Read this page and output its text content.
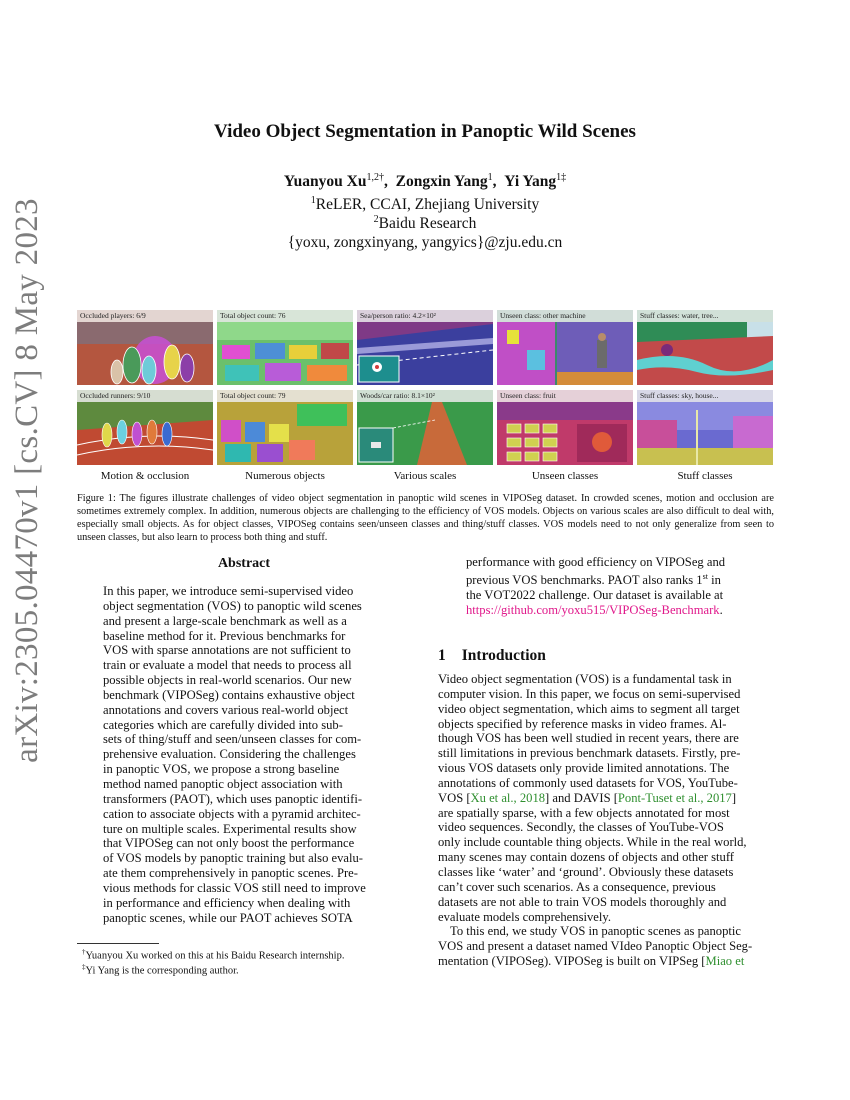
arXiv:2305.04470v1 [cs.CV] 8 May 2023
Video Object Segmentation in Panoptic Wild Scenes
Yuanyou $Xu^{1,2\dagger}$,  Zongxin Yang$^1$,  Yi Yang$^{1\ddagger}$
$^1$ReLER, CCAI, Zhejiang University
$^2$Baidu Research
{yoxu, zongxinyang, yangyics}@zju.edu.cn
Occluded players: 6/9	Total object count: 76	Sea/person ratio: 4.2×10²	Unseen class: other machine	Stuff classes: water, tree...
Occluded runners: 9/10	Total object count: 79	Woods/car ratio: 8.1×10²	Unseen class: fruit	Stuff classes: sky, house...
Motion & occlusion	Numerous objects	Various scales	Unseen classes	Stuff classes
Figure 1: The figures illustrate challenges of video object segmentation in panoptic wild scenes in VIPOSeg dataset. In crowded scenes, motion and occlusion are sometimes extremely complex. In addition, numerous objects are challenging to the efficiency of VOS models. Objects on various scales are also difficult to deal with, especially small objects. As for object classes, VIPOSeg contains seen/unseen classes and thing/stuff classes. VOS models need to not only generalize from seen to unseen classes, but also learn to process both thing and stuff.
Abstract
In this paper, we introduce semi-supervised video
object segmentation (VOS) to panoptic wild scenes
and present a large-scale benchmark as well as a
baseline method for it. Previous benchmarks for
VOS with sparse annotations are not sufficient to
train or evaluate a model that needs to process all
possible objects in real-world scenarios. Our new
benchmark (VIPOSeg) contains exhaustive object
annotations and covers various real-world object
categories which are carefully divided into sub-
sets of thing/stuff and seen/unseen classes for com-
prehensive evaluation. Considering the challenges
in panoptic VOS, we propose a strong baseline
method named panoptic object association with
transformers (PAOT), which uses panoptic identifi-
cation to associate objects with a pyramid architec-
ture on multiple scales. Experimental results show
that VIPOSeg can not only boost the performance
of VOS models by panoptic training but also evalu-
ate them comprehensively in panoptic scenes. Pre-
vious methods for classic VOS still need to improve
in performance and efficiency when dealing with
panoptic scenes, while our PAOT achieves SOTA
performance with good efficiency on VIPOSeg and
previous VOS benchmarks. PAOT also ranks 1st in
the VOT2022 challenge. Our dataset is available at
https://github.com/yoxu515/VIPOSeg-Benchmark.
1 Introduction
Video object segmentation (VOS) is a fundamental task in
computer vision. In this paper, we focus on semi-supervised
video object segmentation, which aims to segment all target
objects specified by reference masks in video frames. Al-
though VOS has been well studied in recent years, there are
still limitations in previous benchmark datasets. Firstly, pre-
vious VOS datasets only provide limited annotations. The
annotations of commonly used datasets for VOS, YouTube-
VOS [Xu et al., 2018] and DAVIS [Pont-Tuset et al., 2017]
are spatially sparse, with a few objects annotated for most
video sequences. Secondly, the classes of YouTube-VOS
only include countable thing objects. While in the real world,
many scenes may contain dozens of objects and other stuff
classes like ‘water’ and ‘ground’. Obviously these datasets
can’t cover such scenarios. As a consequence, previous
datasets are not able to train VOS models thoroughly and
evaluate models comprehensively.
To this end, we study VOS in panoptic scenes as panoptic
VOS and present a dataset named VIdeo Panoptic Object Seg-
mentation (VIPOSeg). VIPOSeg is built on VIPSeg [Miao et
†Yuanyou Xu worked on this at his Baidu Research internship.
‡Yi Yang is the corresponding author.
